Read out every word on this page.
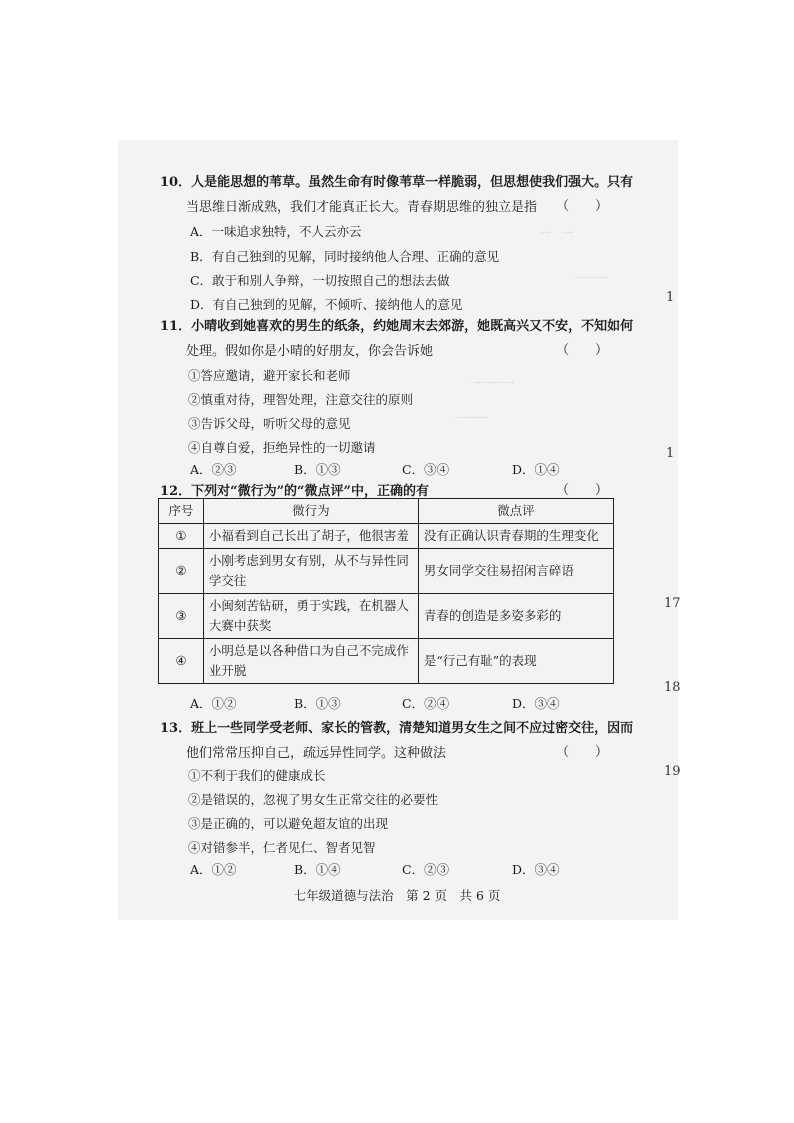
一　一
一一一
一一一一
一一一
10．人是能思想的苇草。虽然生命有时像苇草一样脆弱，但思想使我们强大。只有
当思维日渐成熟，我们才能真正长大。青春期思维的独立是指 （　　）
A．一味追求独特，不人云亦云
B．有自己独到的见解，同时接纳他人合理、正确的意见
C．敢于和别人争辩，一切按照自己的想法去做
D．有自己独到的见解，不倾听、接纳他人的意见
11．小晴收到她喜欢的男生的纸条，约她周末去郊游，她既高兴又不安，不知如何
处理。假如你是小晴的好朋友，你会告诉她	（　　）
①答应邀请，避开家长和老师
②慎重对待，理智处理，注意交往的原则
③告诉父母，听听父母的意见
④自尊自爱，拒绝异性的一切邀请
A．②③	B．①③	C．③④	D．①④
12．下列对“微行为”的“微点评”中，正确的有	（　　）
序号	微行为	微点评
①	小福看到自己长出了胡子，他很害羞	没有正确认识青春期的生理变化
②	小刚考虑到男女有别，从不与异性同学交往	男女同学交往易招闲言碎语
③	小闽刻苦钻研，勇于实践，在机器人大赛中获奖	青春的创造是多姿多彩的
④	小明总是以各种借口为自己不完成作业开脱	是“行己有耻”的表现
A．①②	B．①③	C．②④	D．③④
13．班上一些同学受老师、家长的管教，清楚知道男女生之间不应过密交往，因而
他们常常压抑自己，疏远异性同学。这种做法	（　　）
①不利于我们的健康成长
②是错误的，忽视了男女生正常交往的必要性
③是正确的，可以避免超友谊的出现
④对错参半，仁者见仁、智者见智
A．①②	B．①④	C．②③	D．③④
1
1
17
18
19
七年级道德与法治　第 2 页　共 6 页
